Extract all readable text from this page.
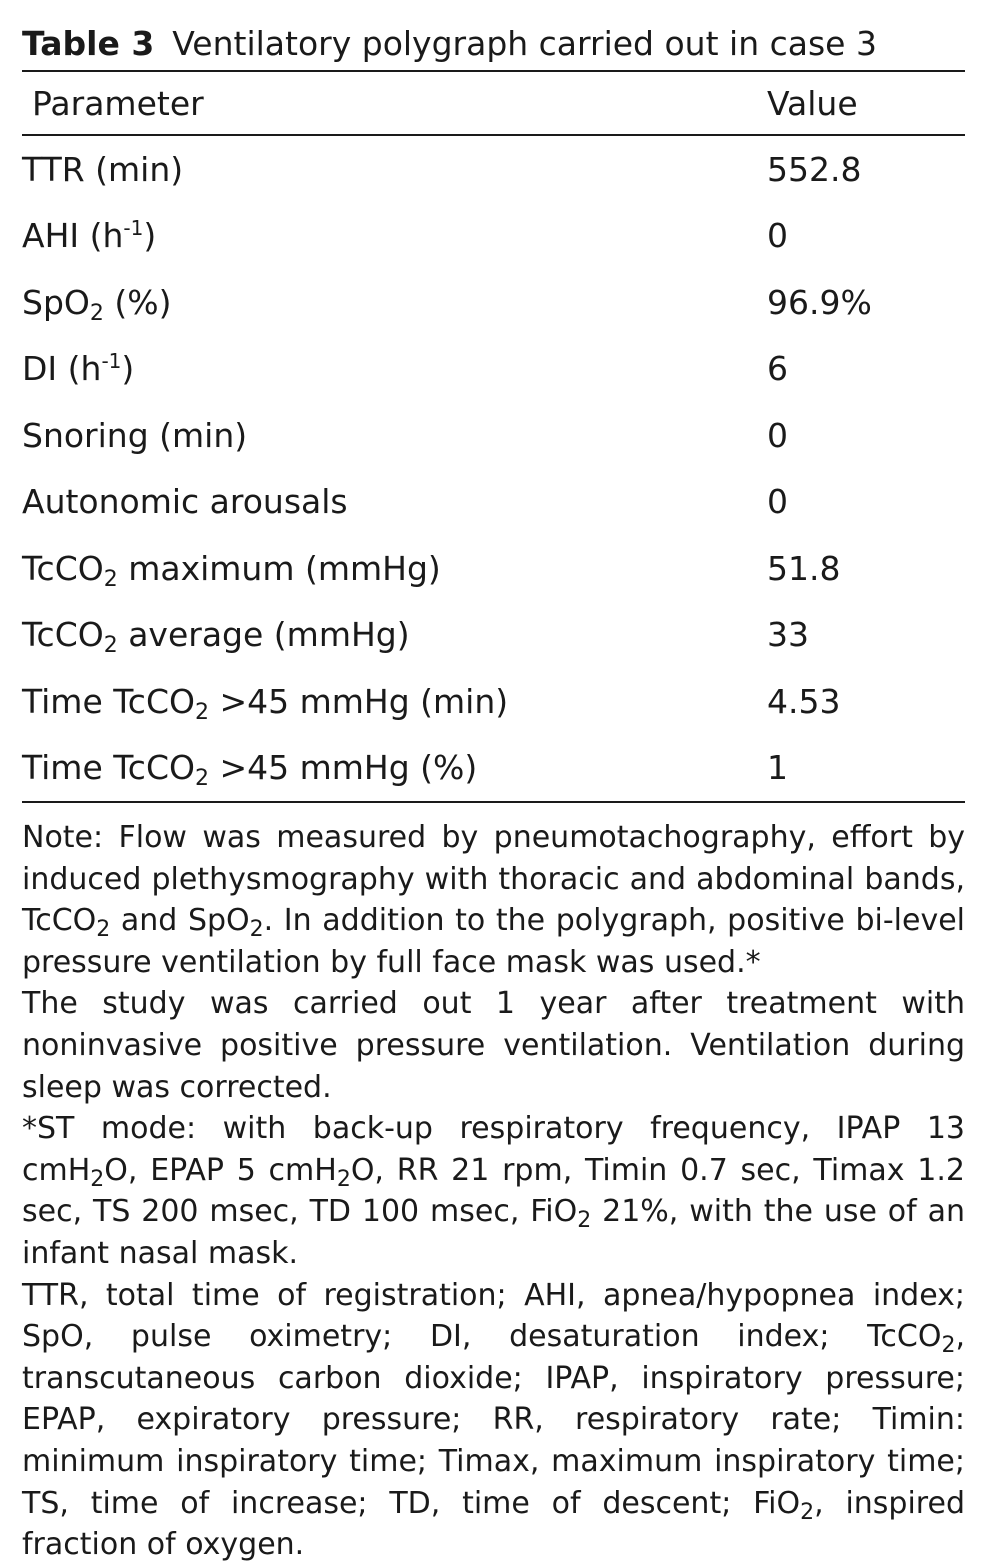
Table 3 Ventilatory polygraph carried out in case 3
Parameter	Value
TTR (min)	552.8
AHI $(h^{-1})$	0
SpO$_2$ (%)	96.9%
DI $(h^{-1})$	6
Snoring (min)	0
Autonomic arousals	0
TcCO$_2$ maximum (mmHg)	51.8
TcCO$_2$ average (mmHg)	33
Time TcCO$_2$ >45 mmHg (min)	4.53
Time TcCO$_2$ >45 mmHg (%)	1

Note: Flow was measured by pneumotachography, effort by induced plethysmography with thoracic and abdominal bands, TcCO$_2$ and SpO$_2$. In addition to the polygraph, positive bi-level pressure ventilation by full face mask was used.*

The study was carried out 1 year after treatment with noninvasive positive pressure ventilation. Ventilation during sleep was corrected.

*ST mode: with back-up respiratory frequency, IPAP 13 cmH$_2$O, EPAP 5 cmH$_2$O, RR 21 rpm, Timin 0.7 sec, Timax 1.2 sec, TS 200 msec, TD 100 msec, FiO$_2$ 21%, with the use of an infant nasal mask.

TTR, total time of registration; AHI, apnea/hypopnea index; SpO, pulse oximetry; DI, desaturation index; TcCO$_2$, transcutaneous carbon dioxide; IPAP, inspiratory pressure; EPAP, expiratory pressure; RR, respiratory rate; Timin: minimum inspiratory time; Timax, maximum inspiratory time; TS, time of increase; TD, time of descent; FiO$_2$, inspired fraction of oxygen.
